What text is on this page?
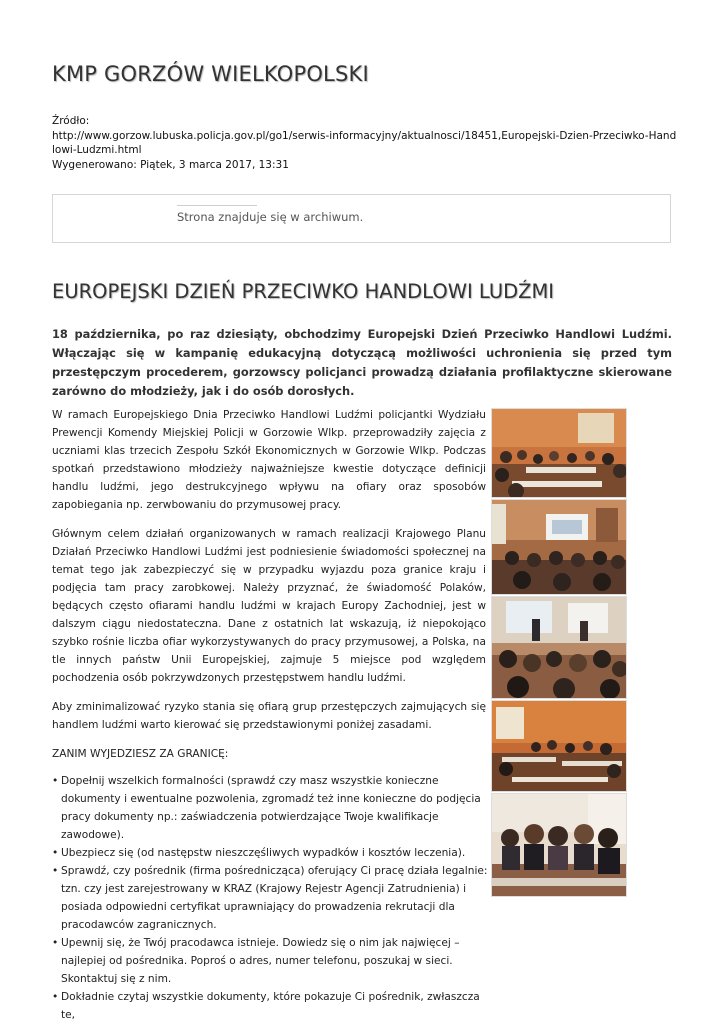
KMP GORZÓW WIELKOPOLSKI
Źródło:
http://www.gorzow.lubuska.policja.gov.pl/go1/serwis-informacyjny/aktualnosci/18451,Europejski-Dzien-Przeciwko-Handlowi-Ludzmi.html
Wygenerowano: Piątek, 3 marca 2017, 13:31
Strona znajduje się w archiwum.
EUROPEJSKI DZIEŃ PRZECIWKO HANDLOWI LUDŹMI

18 października, po raz dziesiąty, obchodzimy Europejski Dzień Przeciwko Handlowi Ludźmi. Włączając się w kampanię edukacyjną dotyczącą możliwości uchronienia się przed tym przestępczym procederem, gorzowscy policjanci prowadzą działania profilaktyczne skierowane zarówno do młodzieży, jak i do osób dorosłych.

W ramach Europejskiego Dnia Przeciwko Handlowi Ludźmi policjantki Wydziału Prewencji Komendy Miejskiej Policji w Gorzowie Wlkp. przeprowadziły zajęcia z uczniami klas trzecich Zespołu Szkół Ekonomicznych w Gorzowie Wlkp. Podczas spotkań przedstawiono młodzieży najważniejsze kwestie dotyczące definicji handlu ludźmi, jego destrukcyjnego wpływu na ofiary oraz sposobów zapobiegania np. zerwbowaniu do przymusowej pracy.

Głównym celem działań organizowanych w ramach realizacji Krajowego Planu Działań Przeciwko Handlowi Ludźmi jest podniesienie świadomości społecznej na temat tego jak zabezpieczyć się w przypadku wyjazdu poza granice kraju i podjęcia tam pracy zarobkowej. Należy przyznać, że świadomość Polaków, będących często ofiarami handlu ludźmi w krajach Europy Zachodniej, jest w dalszym ciągu niedostateczna. Dane z ostatnich lat wskazują, iż niepokojąco szybko rośnie liczba ofiar wykorzystywanych do pracy przymusowej, a Polska, na tle innych państw Unii Europejskiej, zajmuje 5 miejsce pod względem pochodzenia osób pokrzywdzonych przestępstwem handlu ludźmi.

Aby zminimalizować ryzyko stania się ofiarą grup przestępczych zajmujących się handlem ludźmi warto kierować się przedstawionymi poniżej zasadami.

ZANIM WYJEDZIESZ ZA GRANICĘ:

• Dopełnij wszelkich formalności (sprawdź czy masz wszystkie konieczne dokumenty i ewentualne pozwolenia, zgromadź też inne konieczne do podjęcia pracy dokumenty np.: zaświadczenia potwierdzające Twoje kwalifikacje zawodowe).
• Ubezpiecz się (od następstw nieszczęśliwych wypadków i kosztów leczenia).
• Sprawdź, czy pośrednik (firma pośrednicząca) oferujący Ci pracę działa legalnie: tzn. czy jest zarejestrowany w KRAZ (Krajowy Rejestr Agencji Zatrudnienia) i posiada odpowiedni certyfikat uprawniający do prowadzenia rekrutacji dla pracodawców zagranicznych.
• Upewnij się, że Twój pracodawca istnieje. Dowiedz się o nim jak najwięcej – najlepiej od pośrednika. Poproś o adres, numer telefonu, poszukaj w sieci. Skontaktuj się z nim.
• Dokładnie czytaj wszystkie dokumenty, które pokazuje Ci pośrednik, zwłaszcza te,
